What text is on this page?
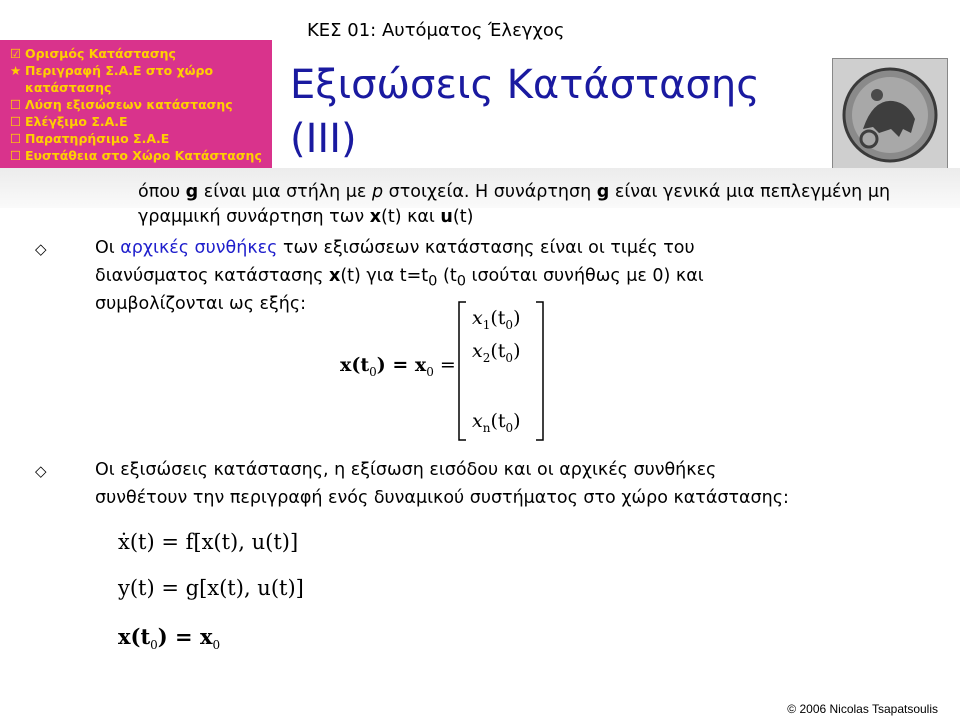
☑ Ορισμός Κατάστασης
★ Περιγραφή Σ.Α.Ε στο χώρο
κατάστασης
☐ Λύση εξισώσεων κατάστασης
☐ Ελέγξιμο Σ.Α.Ε
☐ Παρατηρήσιμο Σ.Α.Ε
☐ Ευστάθεια στο Χώρο Κατάστασης
ΚΕΣ 01: Αυτόματος Έλεγχος
Εξισώσεις Κατάστασης
(ΙΙΙ)
όπου g είναι μια στήλη με p στοιχεία. Η συνάρτηση g είναι γενικά μια πεπλεγμένη μη
γραμμική συνάρτηση των x(t) και u(t)
◇	Οι αρχικές συνθήκες των εξισώσεων κατάστασης είναι οι τιμές του
διανύσματος κατάστασης x(t) για $t=t_0$ ($t_0$ ισούται συνήθως με 0) και
συμβολίζονται ως εξής:
$x(t_0) = x_0$ =
$x_1(t_0)$
$x_2(t_0)$
$x_n(t_0)$
◇	Οι εξισώσεις κατάστασης, η εξίσωση εισόδου και οι αρχικές συνθήκες
συνθέτουν την περιγραφή ενός δυναμικού συστήματος στο χώρο κατάστασης:
ẋ(t) = f[x(t), u(t)]
y(t) = g[x(t), u(t)]
$x(t_0) = x_0$
© 2006 Nicolas Tsapatsoulis
